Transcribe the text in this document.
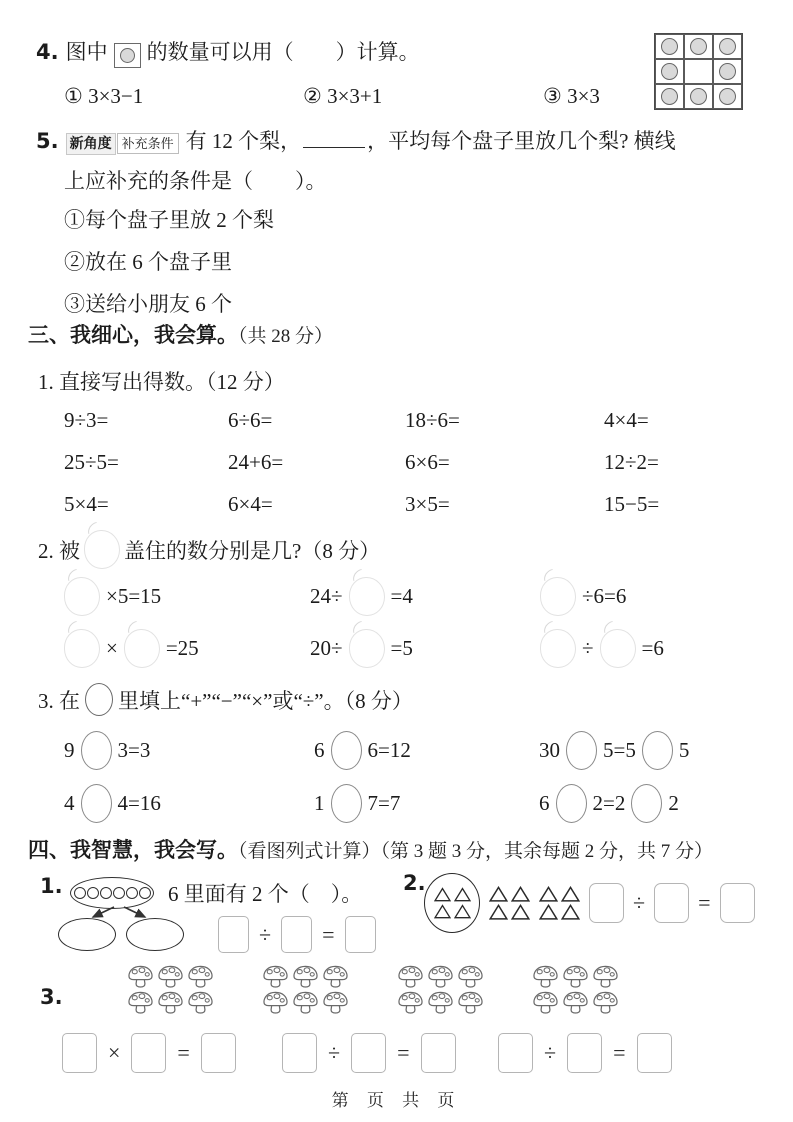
4. 图中 的数量可以用（　　）计算。
① 3×3−1	② 3×3+1	③ 3×3
5. 新角度 补充条件 有 12 个梨，	，平均每个盘子里放几个梨? 横线
上应补充的条件是（　　）。
①每个盘子里放 2 个梨
②放在 6 个盘子里
③送给小朋友 6 个
三、我细心，我会算。（共 28 分）
1. 直接写出得数。（12 分）
9÷3=	6÷6=	18÷6=	4×4=
25÷5=	24+6=	6×6=	12÷2=
5×4=	6×4=	3×5=	15−5=
2. 被 盖住的数分别是几?（8 分）
×5=15	24÷ =4	÷6=6
× =25	20÷ =5	÷ =6
3. 在 里填上“+”“−”“×”或“÷”。（8 分）
9 3=3	6 6=12	30 5=5 5
4 4=16	1 7=7	6 2=2 2
四、我智慧，我会写。（看图列式计算）（第 3 题 3 分，其余每题 2 分，共 7 分）
1.	6 里面有 2 个（　）。
÷ =
2.
÷ =
3.
×	=	÷	=	÷	=
第 页 共 页
